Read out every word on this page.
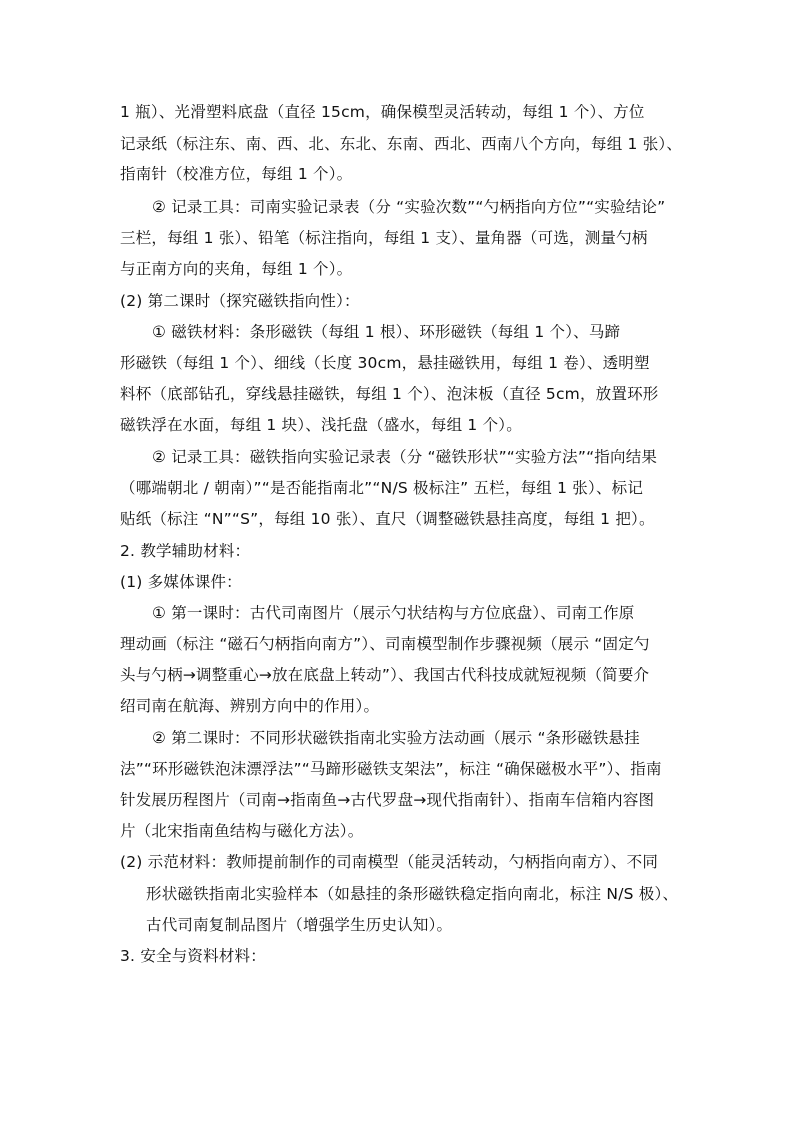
1 瓶）、光滑塑料底盘（直径 15cm，确保模型灵活转动，每组 1 个）、方位
记录纸（标注东、南、西、北、东北、东南、西北、西南八个方向，每组 1 张）、
指南针（校准方位，每组 1 个）。
② 记录工具：司南实验记录表（分 “实验次数”“勺柄指向方位”“实验结论”
三栏，每组 1 张）、铅笔（标注指向，每组 1 支）、量角器（可选，测量勺柄
与正南方向的夹角，每组 1 个）。
(2) 第二课时（探究磁铁指向性）：
① 磁铁材料：条形磁铁（每组 1 根）、环形磁铁（每组 1 个）、马蹄
形磁铁（每组 1 个）、细线（长度 30cm，悬挂磁铁用，每组 1 卷）、透明塑
料杯（底部钻孔，穿线悬挂磁铁，每组 1 个）、泡沫板（直径 5cm，放置环形
磁铁浮在水面，每组 1 块）、浅托盘（盛水，每组 1 个）。
② 记录工具：磁铁指向实验记录表（分 “磁铁形状”“实验方法”“指向结果
（哪端朝北 / 朝南）”“是否能指南北”“N/S 极标注” 五栏，每组 1 张）、标记
贴纸（标注 “N”“S”，每组 10 张）、直尺（调整磁铁悬挂高度，每组 1 把）。
2. 教学辅助材料：
(1) 多媒体课件：
① 第一课时：古代司南图片（展示勺状结构与方位底盘）、司南工作原
理动画（标注 “磁石勺柄指向南方”）、司南模型制作步骤视频（展示 “固定勺
头与勺柄→调整重心→放在底盘上转动”）、我国古代科技成就短视频（简要介
绍司南在航海、辨别方向中的作用）。
② 第二课时：不同形状磁铁指南北实验方法动画（展示 “条形磁铁悬挂
法”“环形磁铁泡沫漂浮法”“马蹄形磁铁支架法”，标注 “确保磁极水平”）、指南
针发展历程图片（司南→指南鱼→古代罗盘→现代指南针）、指南车信箱内容图
片（北宋指南鱼结构与磁化方法）。
(2) 示范材料：教师提前制作的司南模型（能灵活转动，勺柄指向南方）、不同
形状磁铁指南北实验样本（如悬挂的条形磁铁稳定指向南北，标注 N/S 极）、
古代司南复制品图片（增强学生历史认知）。
3. 安全与资料材料：
